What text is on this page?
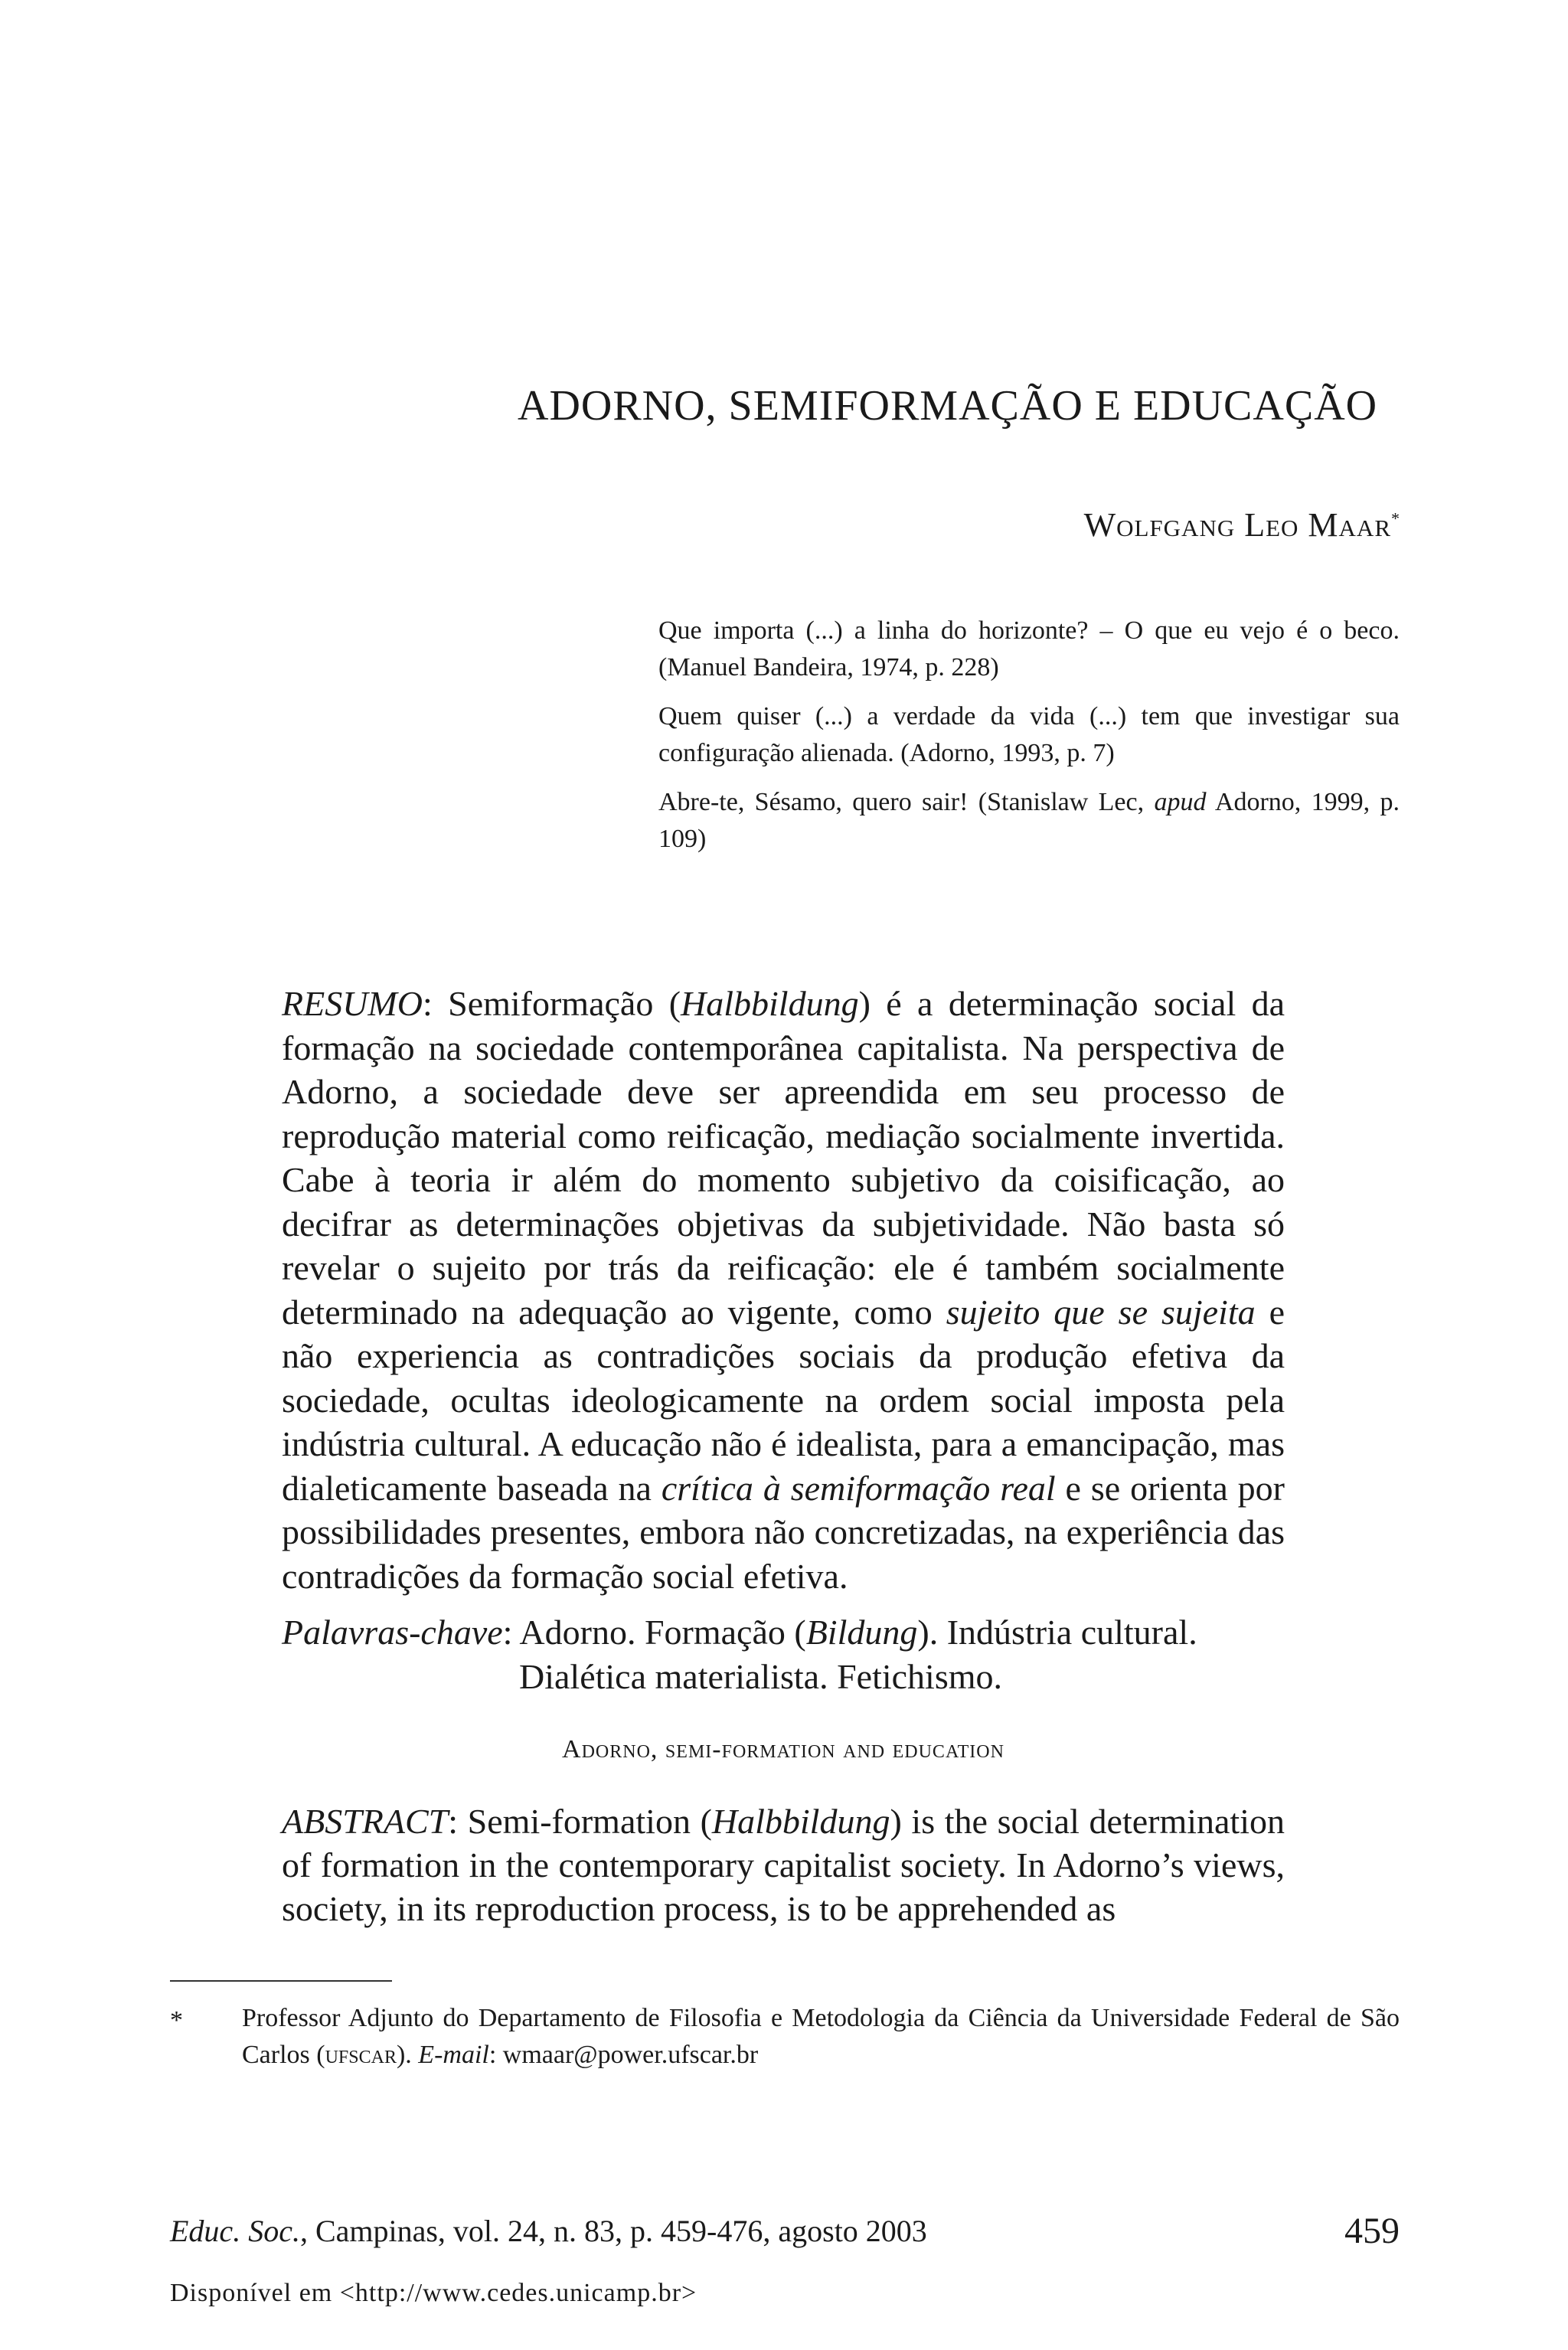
ADORNO, SEMIFORMAÇÃO E EDUCAÇÃO
Wolfgang Leo Maar*

Que importa (...) a linha do horizonte? – O que eu vejo é o beco. (Manuel Bandeira, 1974, p. 228)

Quem quiser (...) a verdade da vida (...) tem que investigar sua configuração alienada. (Adorno, 1993, p. 7)

Abre-te, Sésamo, quero sair! (Stanislaw Lec, apud Adorno, 1999, p. 109)

RESUMO: Semiformação (Halbbildung) é a determinação social da formação na sociedade contemporânea capitalista. Na perspectiva de Adorno, a sociedade deve ser apreendida em seu processo de reprodução material como reificação, mediação socialmente invertida. Cabe à teoria ir além do momento subjetivo da coisificação, ao decifrar as determinações objetivas da subjetividade. Não basta só revelar o sujeito por trás da reificação: ele é também socialmente determinado na adequação ao vigente, como sujeito que se sujeita e não experiencia as contradições sociais da produção efetiva da sociedade, ocultas ideologicamente na ordem social imposta pela indústria cultural. A educação não é idealista, para a emancipação, mas dialeticamente baseada na crítica à semiformação real e se orienta por possibilidades presentes, embora não concretizadas, na experiência das contradições da formação social efetiva.

Palavras-chave: Adorno. Formação (Bildung). Indústria cultural.
Dialética materialista. Fetichismo.

Adorno, semi-formation and education

ABSTRACT: Semi-formation (Halbbildung) is the social determination of formation in the contemporary capitalist society. In Adorno’s views, society, in its reproduction process, is to be apprehended as

* Professor Adjunto do Departamento de Filosofia e Metodologia da Ciência da Universidade Federal de São Carlos (ufscar). E-mail: wmaar@power.ufscar.br
Educ. Soc., Campinas, vol. 24, n. 83, p. 459-476, agosto 2003	459
Disponível em <http://www.cedes.unicamp.br>
